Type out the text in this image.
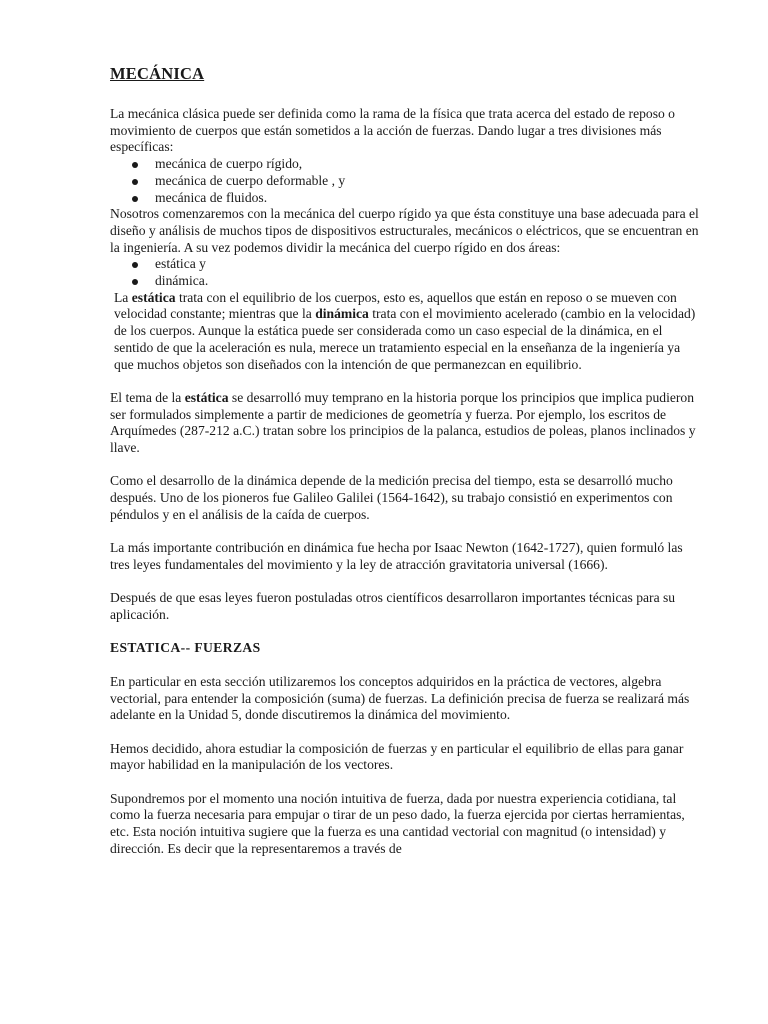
MECÁNICA

La mecánica clásica puede ser definida como la rama de la física que trata acerca del estado de reposo o movimiento de cuerpos que están sometidos a la acción de fuerzas. Dando lugar a tres divisiones más específicas:

mecánica de cuerpo rígido,
mecánica de cuerpo deformable , y
mecánica de fluidos.

Nosotros comenzaremos con la mecánica del cuerpo rígido ya que ésta constituye una base adecuada para el diseño y análisis de muchos tipos de dispositivos estructurales, mecánicos o eléctricos, que se encuentran en la ingeniería. A su vez podemos dividir la mecánica del cuerpo rígido en dos áreas:

estática y
dinámica.

La estática trata con el equilibrio de los cuerpos, esto es, aquellos que están en reposo o se mueven con velocidad constante; mientras que la dinámica trata con el movimiento acelerado (cambio en la velocidad) de los cuerpos. Aunque la estática puede ser considerada como un caso especial de la dinámica, en el sentido de que la aceleración es nula, merece un tratamiento especial en la enseñanza de la ingeniería ya que muchos objetos son diseñados con la intención de que permanezcan en equilibrio.

El tema de la estática se desarrolló muy temprano en la historia porque los principios que implica pudieron ser formulados simplemente a partir de mediciones de geometría y fuerza. Por ejemplo, los escritos de Arquímedes (287-212 a.C.) tratan sobre los principios de la palanca, estudios de poleas, planos inclinados y llave.

Como el desarrollo de la dinámica depende de la medición precisa del tiempo, esta se desarrolló mucho después. Uno de los pioneros fue Galileo Galilei (1564-1642), su trabajo consistió en experimentos con péndulos y en el análisis de la caída de cuerpos.

La más importante contribución en dinámica fue hecha por Isaac Newton (1642-1727), quien formuló las tres leyes fundamentales del movimiento y la ley de atracción gravitatoria universal (1666).

Después de que esas leyes fueron postuladas otros científicos desarrollaron importantes técnicas para su aplicación.

ESTATICA-- FUERZAS

En particular en esta sección utilizaremos los conceptos adquiridos en la práctica de vectores, algebra vectorial, para entender la composición (suma) de fuerzas. La definición precisa de fuerza se realizará más adelante en la Unidad 5, donde discutiremos la dinámica del movimiento.

Hemos decidido, ahora estudiar la composición de fuerzas y en particular el equilibrio de ellas para ganar mayor habilidad en la manipulación de los vectores.

Supondremos por el momento una noción intuitiva de fuerza, dada por nuestra experiencia cotidiana, tal como la fuerza necesaria para empujar o tirar de un peso dado, la fuerza ejercida por ciertas herramientas, etc. Esta noción intuitiva sugiere que la fuerza es una cantidad vectorial con magnitud (o intensidad) y dirección. Es decir que la representaremos a través de
